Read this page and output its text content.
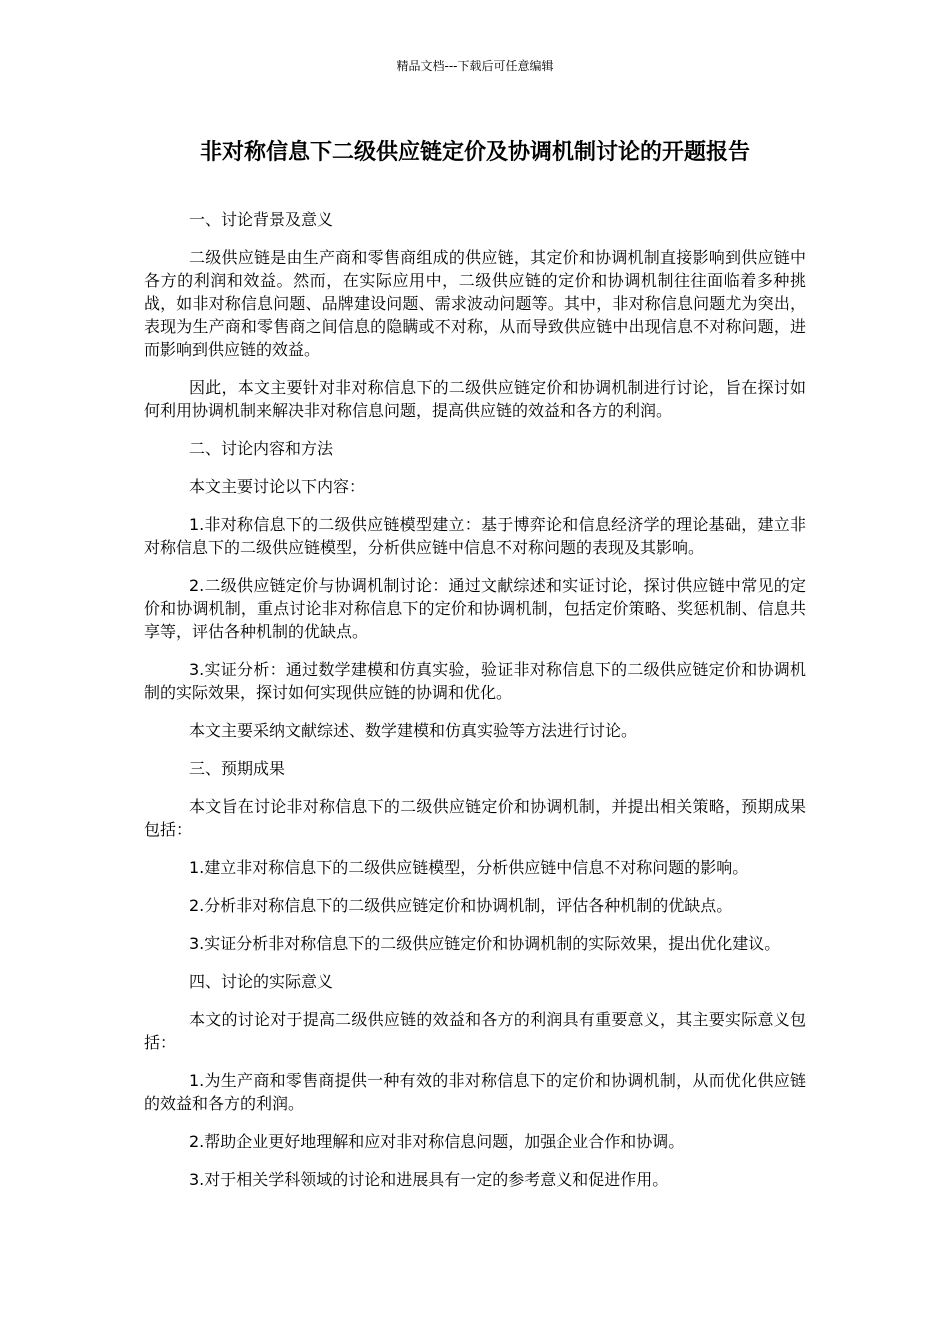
精品文档---下载后可任意编辑
非对称信息下二级供应链定价及协调机制讨论的开题报告

一、讨论背景及意义

二级供应链是由生产商和零售商组成的供应链，其定价和协调机制直接影响到供应链中各方的利润和效益。然而，在实际应用中，二级供应链的定价和协调机制往往面临着多种挑战，如非对称信息问题、品牌建设问题、需求波动问题等。其中，非对称信息问题尤为突出，表现为生产商和零售商之间信息的隐瞒或不对称，从而导致供应链中出现信息不对称问题，进而影响到供应链的效益。

因此，本文主要针对非对称信息下的二级供应链定价和协调机制进行讨论，旨在探讨如何利用协调机制来解决非对称信息问题，提高供应链的效益和各方的利润。

二、讨论内容和方法

本文主要讨论以下内容：

1.非对称信息下的二级供应链模型建立：基于博弈论和信息经济学的理论基础，建立非对称信息下的二级供应链模型，分析供应链中信息不对称问题的表现及其影响。

2.二级供应链定价与协调机制讨论：通过文献综述和实证讨论，探讨供应链中常见的定价和协调机制，重点讨论非对称信息下的定价和协调机制，包括定价策略、奖惩机制、信息共享等，评估各种机制的优缺点。

3.实证分析：通过数学建模和仿真实验，验证非对称信息下的二级供应链定价和协调机制的实际效果，探讨如何实现供应链的协调和优化。

本文主要采纳文献综述、数学建模和仿真实验等方法进行讨论。

三、预期成果

本文旨在讨论非对称信息下的二级供应链定价和协调机制，并提出相关策略，预期成果包括：

1.建立非对称信息下的二级供应链模型，分析供应链中信息不对称问题的影响。

2.分析非对称信息下的二级供应链定价和协调机制，评估各种机制的优缺点。

3.实证分析非对称信息下的二级供应链定价和协调机制的实际效果，提出优化建议。

四、讨论的实际意义

本文的讨论对于提高二级供应链的效益和各方的利润具有重要意义，其主要实际意义包括：

1.为生产商和零售商提供一种有效的非对称信息下的定价和协调机制，从而优化供应链的效益和各方的利润。

2.帮助企业更好地理解和应对非对称信息问题，加强企业合作和协调。

3.对于相关学科领域的讨论和进展具有一定的参考意义和促进作用。
